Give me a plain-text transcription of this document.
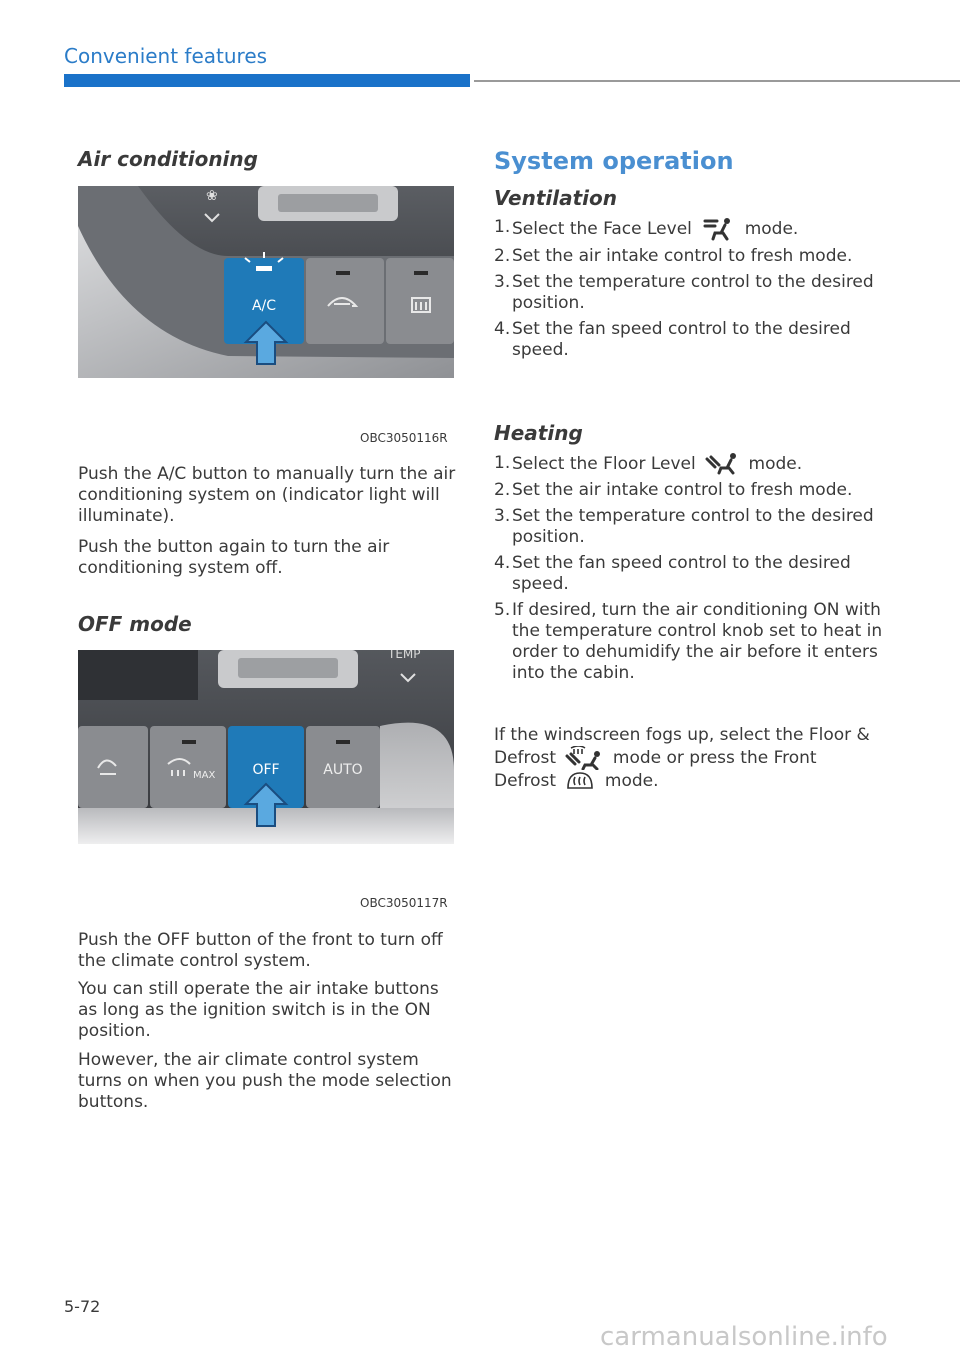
Convenient features
Air conditioning
❀
A/C
OBC3050116R
Push the A/C button to manually turn the air conditioning system on (indicator light will illuminate).
Push the button again to turn the air conditioning system off.
OFF mode
TEMP
MAX	OFF	AUTO
OBC3050117R
Push the OFF button of the front to turn off the climate control system.
You can still operate the air intake buttons as long as the ignition switch is in the ON position.
However, the air climate control system turns on when you push the mode selection buttons.
System operation
Ventilation
1. Select the Face Level	mode.
2. Set the air intake control to fresh mode.
3. Set the temperature control to the desired position.
4. Set the fan speed control to the desired speed.
Heating
1. Select the Floor Level	mode.
2. Set the air intake control to fresh mode.
3. Set the temperature control to the desired position.
4. Set the fan speed control to the desired speed.
5. If desired, turn the air conditioning ON with the temperature control knob set to heat in order to dehumidify the air before it enters into the cabin.
If the windscreen fogs up, select the Floor & Defrost	mode or press the Front Defrost	mode.
5-72
carmanualsonline.info
